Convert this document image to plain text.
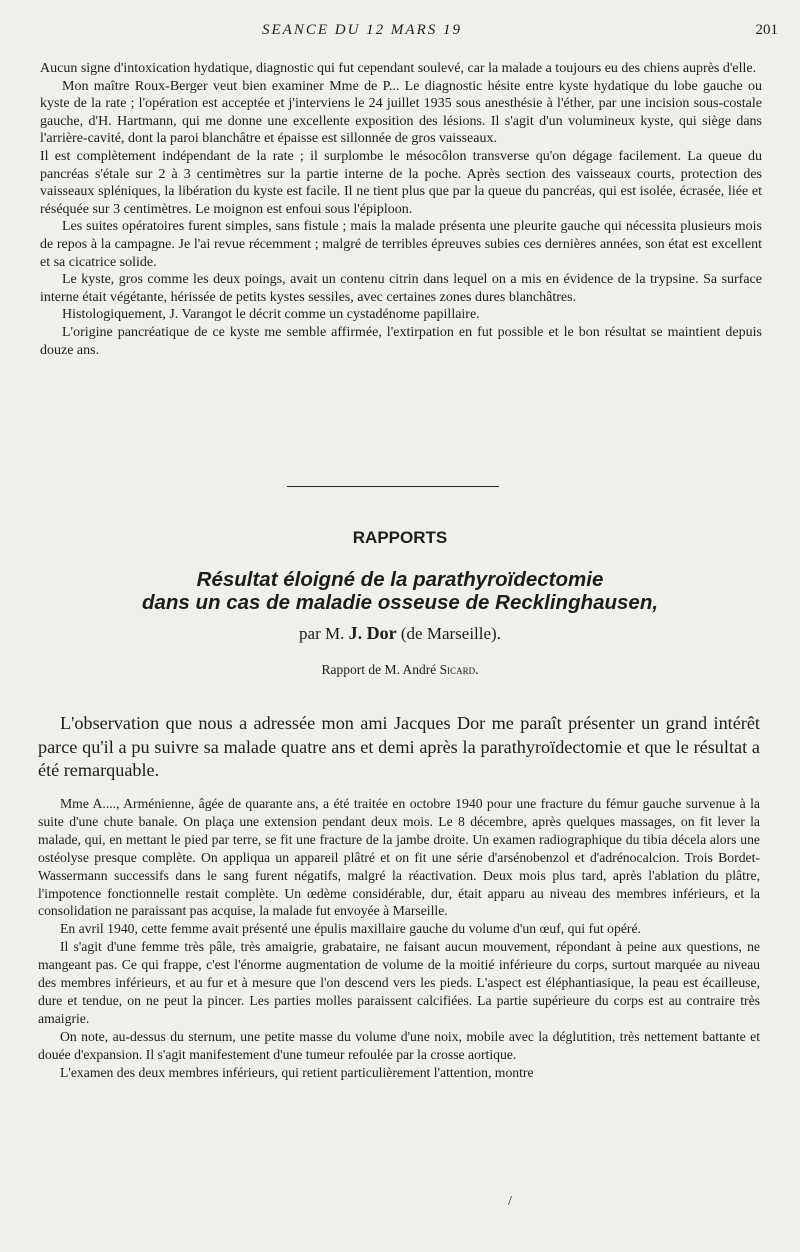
SEANCE DU 12 MARS 19	201

Aucun signe d'intoxication hydatique, diagnostic qui fut cependant soulevé, car la malade a toujours eu des chiens auprès d'elle.

Mon maître Roux-Berger veut bien examiner Mme de P... Le diagnostic hésite entre kyste hydatique du lobe gauche ou kyste de la rate ; l'opération est acceptée et j'interviens le 24 juillet 1935 sous anesthésie à l'éther, par une incision sous-costale gauche, d'H. Hartmann, qui me donne une excellente exposition des lésions. Il s'agit d'un volumineux kyste, qui siège dans l'arrière-cavité, dont la paroi blanchâtre et épaisse est sillonnée de gros vaisseaux.

Il est complètement indépendant de la rate ; il surplombe le mésocôlon transverse qu'on dégage facilement. La queue du pancréas s'étale sur 2 à 3 centimètres sur la partie interne de la poche. Après section des vaisseaux courts, protection des vaisseaux spléniques, la libération du kyste est facile. Il ne tient plus que par la queue du pancréas, qui est isolée, écrasée, liée et réséquée sur 3 centimètres. Le moignon est enfoui sous l'épiploon.

Les suites opératoires furent simples, sans fistule ; mais la malade présenta une pleurite gauche qui nécessita plusieurs mois de repos à la campagne. Je l'ai revue récemment ; malgré de terribles épreuves subies ces dernières années, son état est excellent et sa cicatrice solide.

Le kyste, gros comme les deux poings, avait un contenu citrin dans lequel on a mis en évidence de la trypsine. Sa surface interne était végétante, hérissée de petits kystes sessiles, avec certaines zones dures blanchâtres.

Histologiquement, J. Varangot le décrit comme un cystadénome papillaire.

L'origine pancréatique de ce kyste me semble affirmée, l'extirpation en fut possible et le bon résultat se maintient depuis douze ans.

RAPPORTS
Résultat éloigné de la parathyroïdectomie
dans un cas de maladie osseuse de Recklinghausen,
par M. J. Dor (de Marseille).
Rapport de M. André Sicard.

L'observation que nous a adressée mon ami Jacques Dor me paraît présenter un grand intérêt parce qu'il a pu suivre sa malade quatre ans et demi après la parathyroïdectomie et que le résultat a été remarquable.

Mme A...., Arménienne, âgée de quarante ans, a été traitée en octobre 1940 pour une fracture du fémur gauche survenue à la suite d'une chute banale. On plaça une extension pendant deux mois. Le 8 décembre, après quelques massages, on fit lever la malade, qui, en mettant le pied par terre, se fit une fracture de la jambe droite. Un examen radiographique du tibia décela alors une ostéolyse presque complète. On appliqua un appareil plâtré et on fit une série d'arsénobenzol et d'adrénocalcion. Trois Bordet-Wassermann successifs dans le sang furent négatifs, malgré la réactivation. Deux mois plus tard, après l'ablation du plâtre, l'impotence fonctionnelle restait complète. Un œdème considérable, dur, était apparu au niveau des membres inférieurs, et la consolidation ne paraissant pas acquise, la malade fut envoyée à Marseille.

En avril 1940, cette femme avait présenté une épulis maxillaire gauche du volume d'un œuf, qui fut opéré.

Il s'agit d'une femme très pâle, très amaigrie, grabataire, ne faisant aucun mouvement, répondant à peine aux questions, ne mangeant pas. Ce qui frappe, c'est l'énorme augmentation de volume de la moitié inférieure du corps, surtout marquée au niveau des membres inférieurs, et au fur et à mesure que l'on descend vers les pieds. L'aspect est éléphantiasique, la peau est écailleuse, dure et tendue, on ne peut la pincer. Les parties molles paraissent calcifiées. La partie supérieure du corps est au contraire très amaigrie.

On note, au-dessus du sternum, une petite masse du volume d'une noix, mobile avec la déglutition, très nettement battante et douée d'expansion. Il s'agit manifestement d'une tumeur refoulée par la crosse aortique.

L'examen des deux membres inférieurs, qui retient particulièrement l'attention, montre

/
